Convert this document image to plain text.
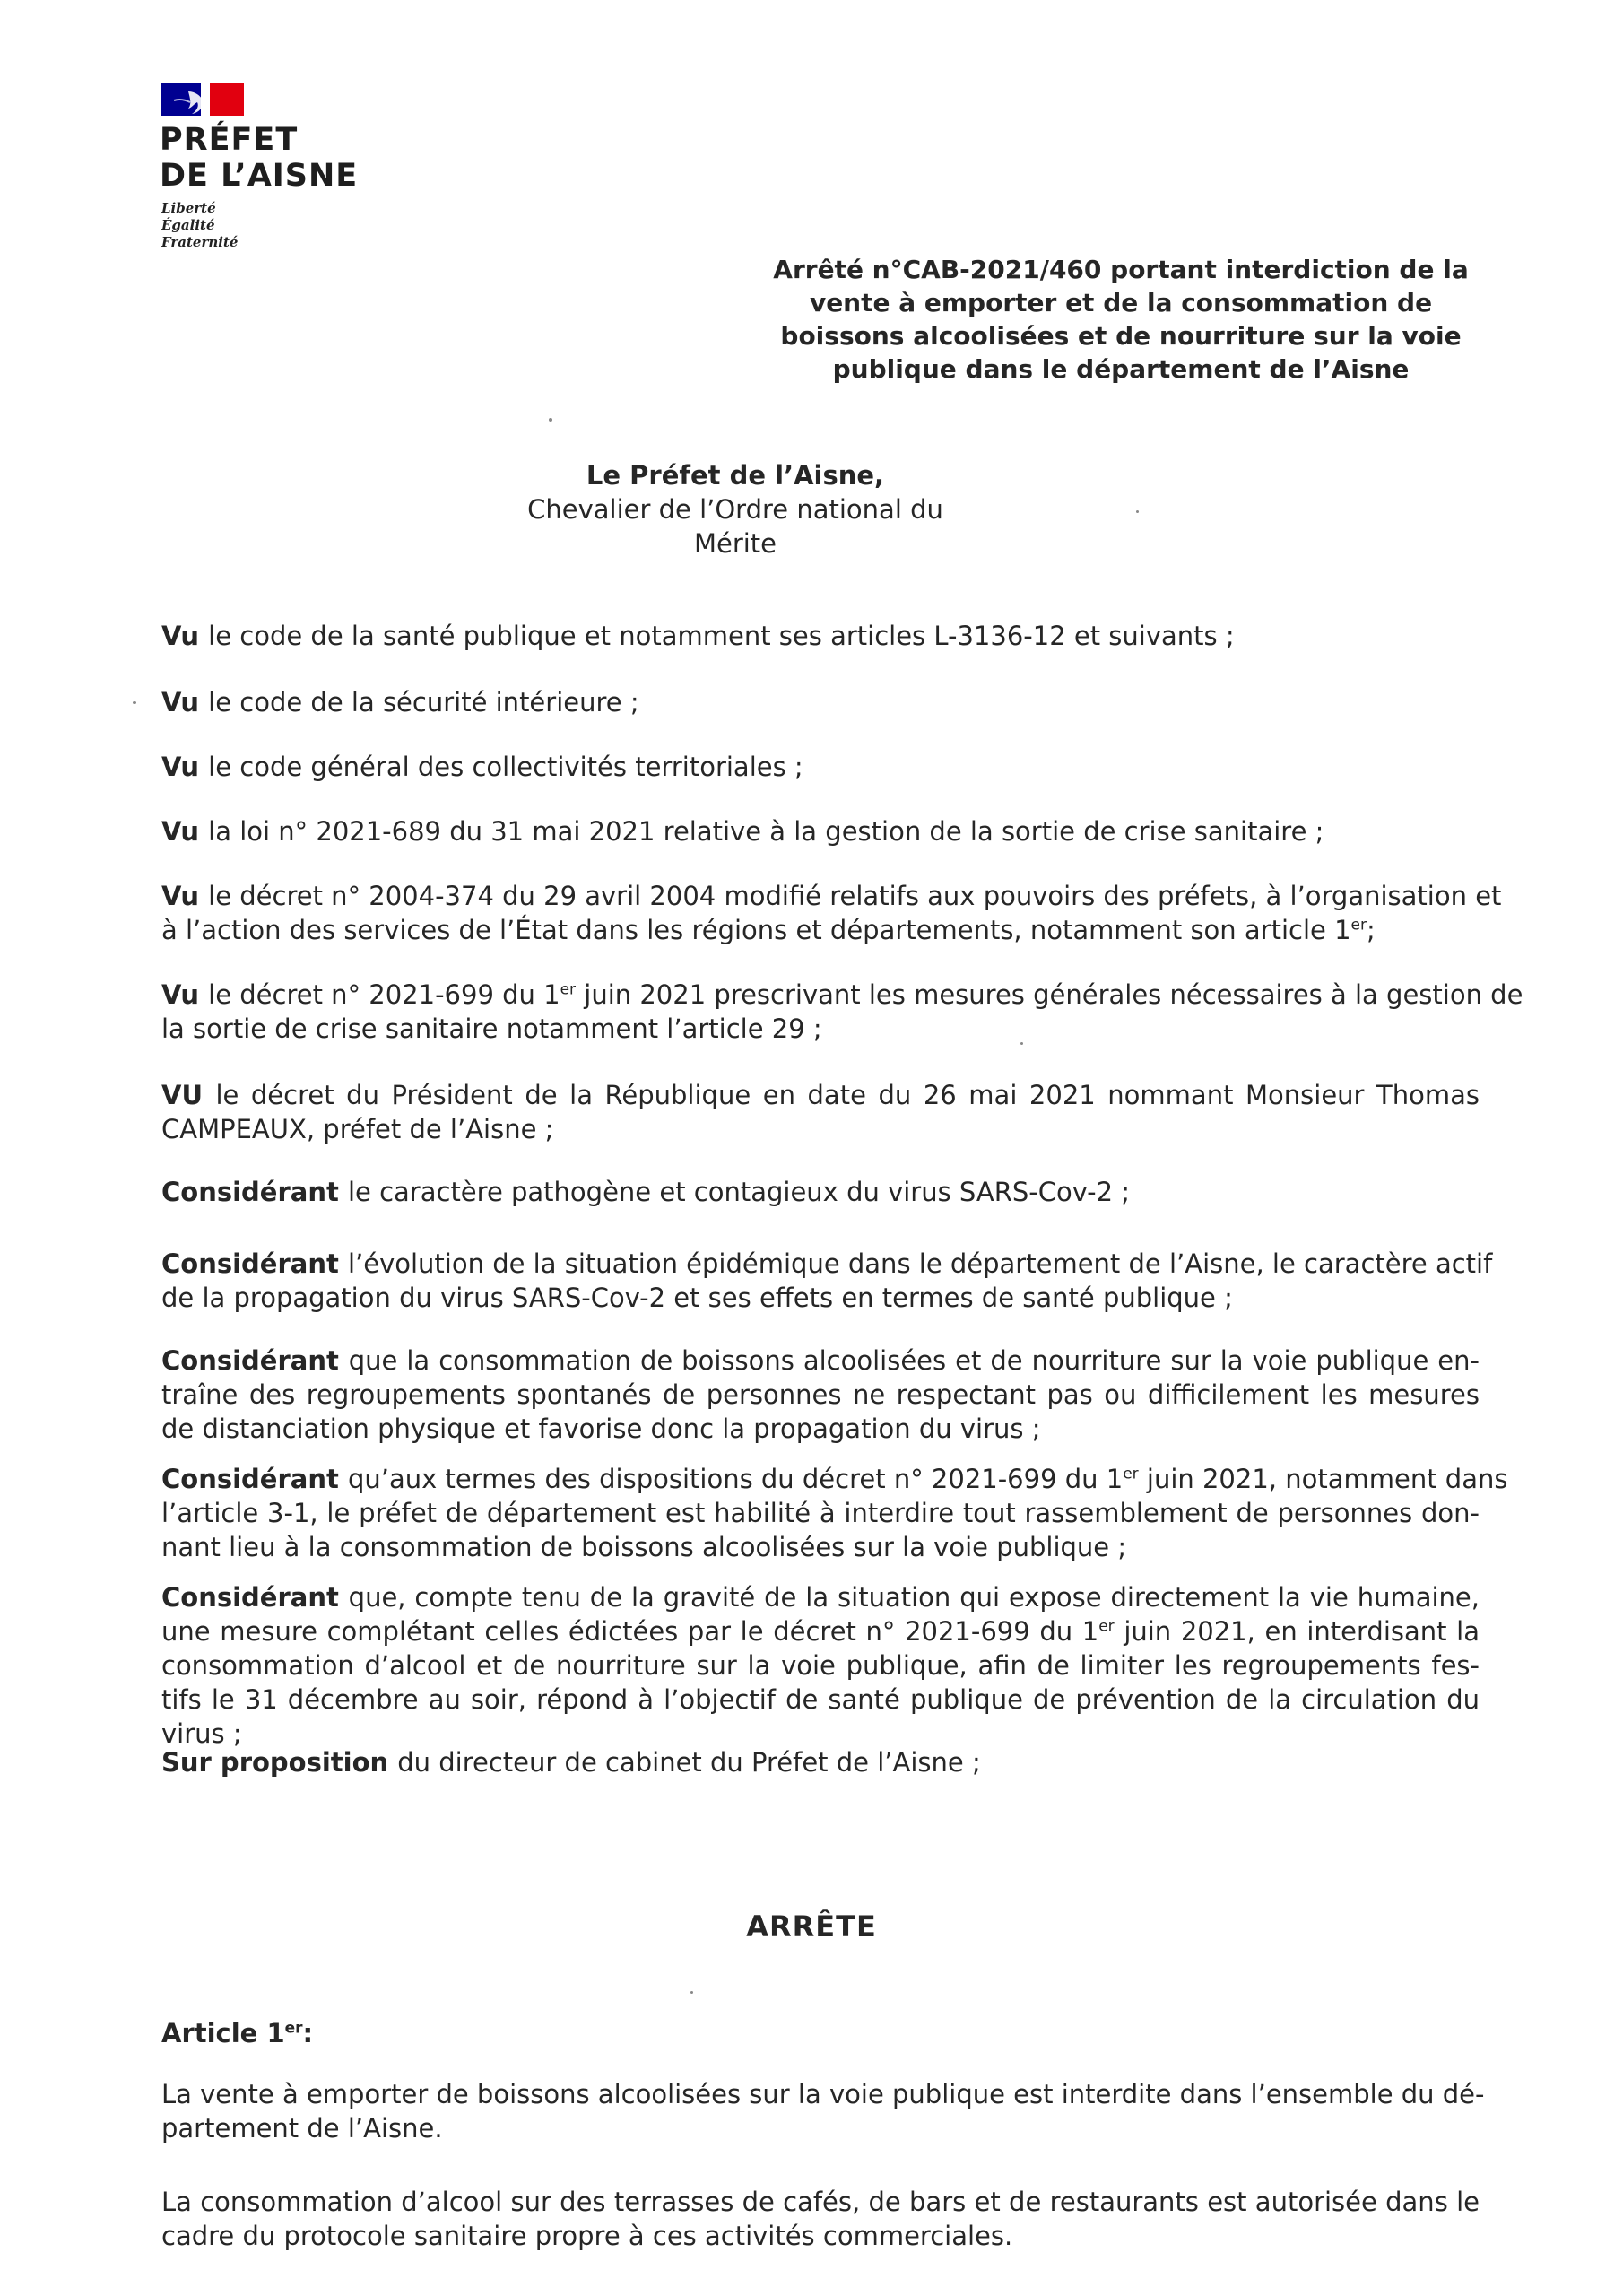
PRÉFET
DE L’AISNE
Liberté
Égalité
Fraternité
Arrêté n°CAB-2021/460 portant interdiction de la
vente à emporter et de la consommation de
boissons alcoolisées et de nourriture sur la voie
publique dans le département de l’Aisne
Le Préfet de l’Aisne,
Chevalier de l’Ordre national du Mérite

Vu le code de la santé publique et notamment ses articles L-3136-12 et suivants ;

Vu le code de la sécurité intérieure ;

Vu le code général des collectivités territoriales ;

Vu la loi n° 2021-689 du 31 mai 2021 relative à la gestion de la sortie de crise sanitaire ;

Vu le décret n° 2004-374 du 29 avril 2004 modifié relatifs aux pouvoirs des préfets, à l’organisation et
à l’action des services de l’État dans les régions et départements, notamment son article 1er;

Vu le décret n° 2021-699 du 1er juin 2021 prescrivant les mesures générales nécessaires à la gestion de
la sortie de crise sanitaire notamment l’article 29 ;

VU le décret du Président de la République en date du 26 mai 2021 nommant Monsieur Thomas
CAMPEAUX, préfet de l’Aisne ;

Considérant le caractère pathogène et contagieux du virus SARS-Cov-2 ;

Considérant l’évolution de la situation épidémique dans le département de l’Aisne, le caractère actif
de la propagation du virus SARS-Cov-2 et ses effets en termes de santé publique ;

Considérant que la consommation de boissons alcoolisées et de nourriture sur la voie publique en-
traîne des regroupements spontanés de personnes ne respectant pas ou difficilement les mesures
de distanciation physique et favorise donc la propagation du virus ;

Considérant qu’aux termes des dispositions du décret n° 2021-699 du 1er juin 2021, notamment dans
l’article 3-1, le préfet de département est habilité à interdire tout rassemblement de personnes don-
nant lieu à la consommation de boissons alcoolisées sur la voie publique ;

Considérant que, compte tenu de la gravité de la situation qui expose directement la vie humaine,
une mesure complétant celles édictées par le décret n° 2021-699 du 1er juin 2021, en interdisant la
consommation d’alcool et de nourriture sur la voie publique, afin de limiter les regroupements fes-
tifs le 31 décembre au soir, répond à l’objectif de santé publique de prévention de la circulation du
virus ;

Sur proposition du directeur de cabinet du Préfet de l’Aisne ;

ARRÊTE
Article 1er:

La vente à emporter de boissons alcoolisées sur la voie publique est interdite dans l’ensemble du dé-
partement de l’Aisne.

La consommation d’alcool sur des terrasses de cafés, de bars et de restaurants est autorisée dans le
cadre du protocole sanitaire propre à ces activités commerciales.
